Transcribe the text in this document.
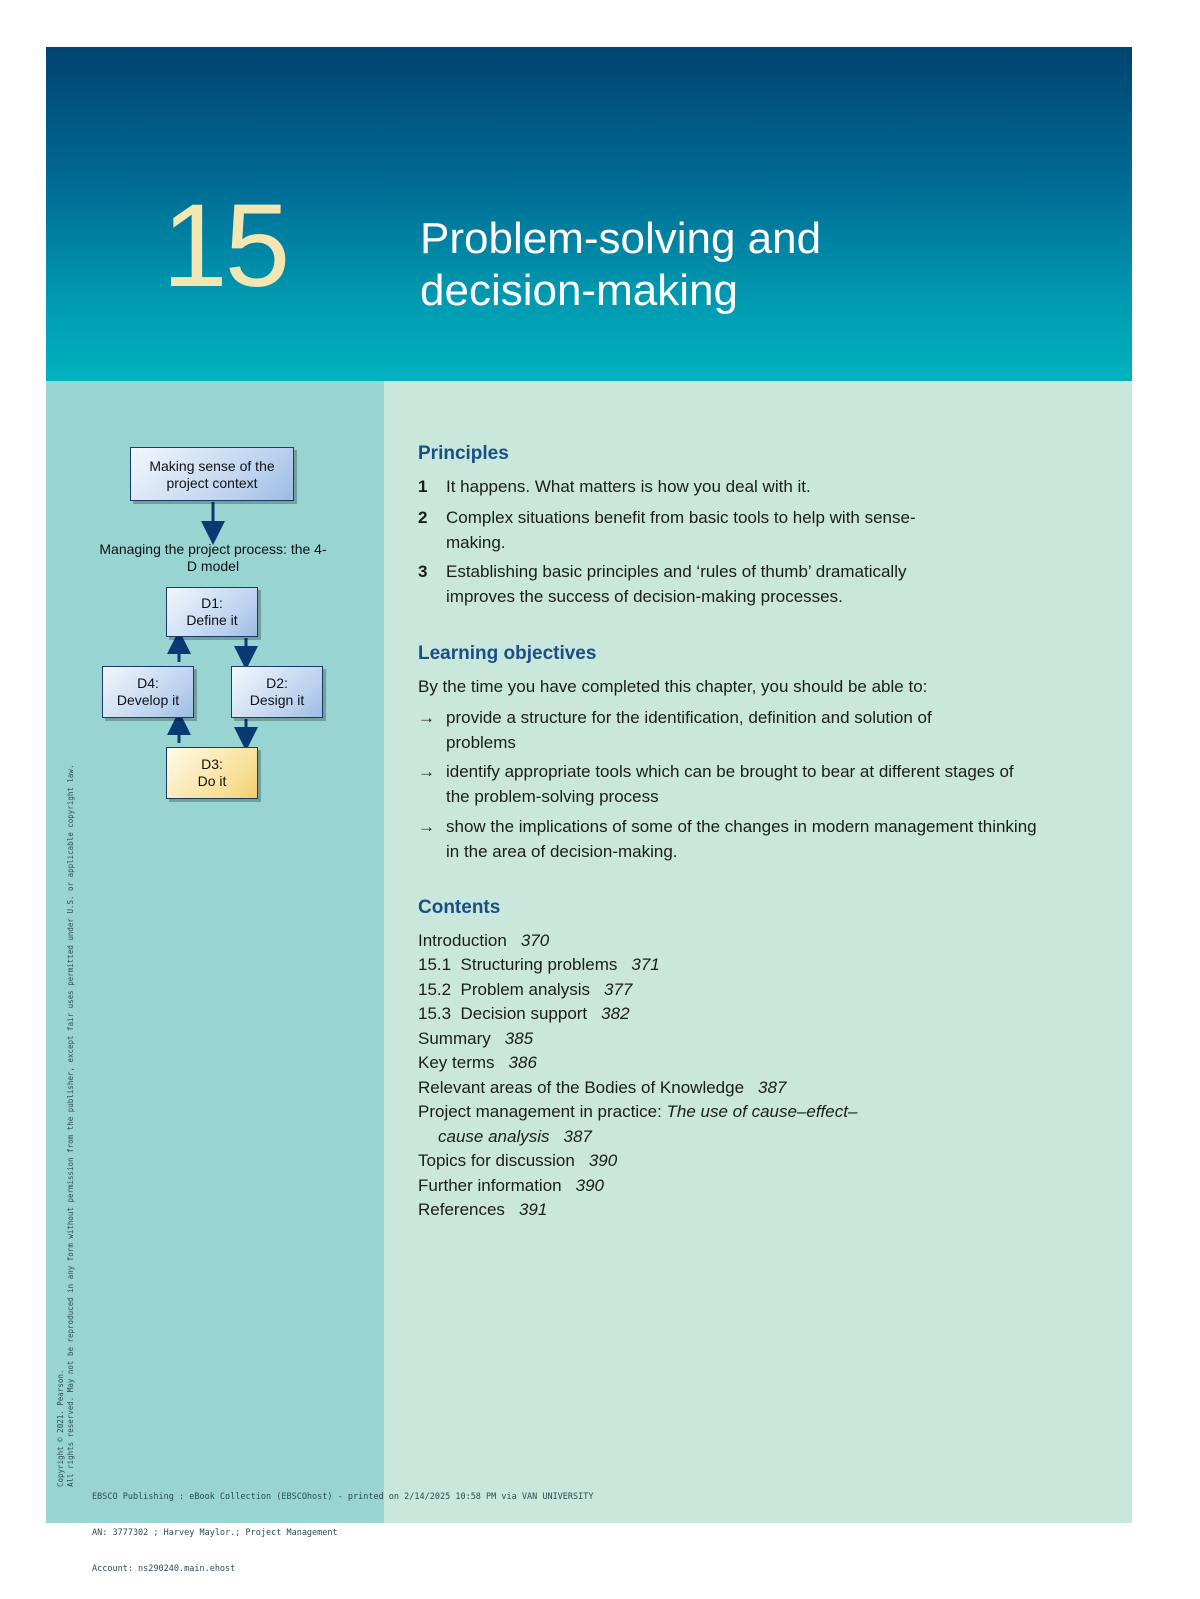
15	Problem-solving and
decision-making
Making sense of the project context
Managing the project process: the 4-D model
D1:
Define it
D4:
Develop it
D2:
Design it
D3:
Do it
Principles
1 It happens. What matters is how you deal with it.
2 Complex situations benefit from basic tools to help with sense-making.
3 Establishing basic principles and ‘rules of thumb’ dramatically improves the success of decision-making processes.
Learning objectives
By the time you have completed this chapter, you should be able to:
→ provide a structure for the identification, definition and solution of problems
→ identify appropriate tools which can be brought to bear at different stages of the problem-solving process
→ show the implications of some of the changes in modern management thinking in the area of decision-making.
Contents
Introduction 370
15.1  Structuring problems 371
15.2  Problem analysis 377
15.3  Decision support 382
Summary 385
Key terms 386
Relevant areas of the Bodies of Knowledge 387
Project management in practice: The use of cause–effect–
cause analysis 387
Topics for discussion 390
Further information 390
References 391
Copyright © 2021. Pearson. All rights reserved. May not be reproduced in any form without permission from the publisher, except fair uses permitted under U.S. or applicable copyright law.

EBSCO Publishing : eBook Collection (EBSCOhost) - printed on 2/14/2025 10:58 PM via VAN UNIVERSITY

AN: 3777302 ; Harvey Maylor.; Project Management

Account: ns290240.main.ehost
